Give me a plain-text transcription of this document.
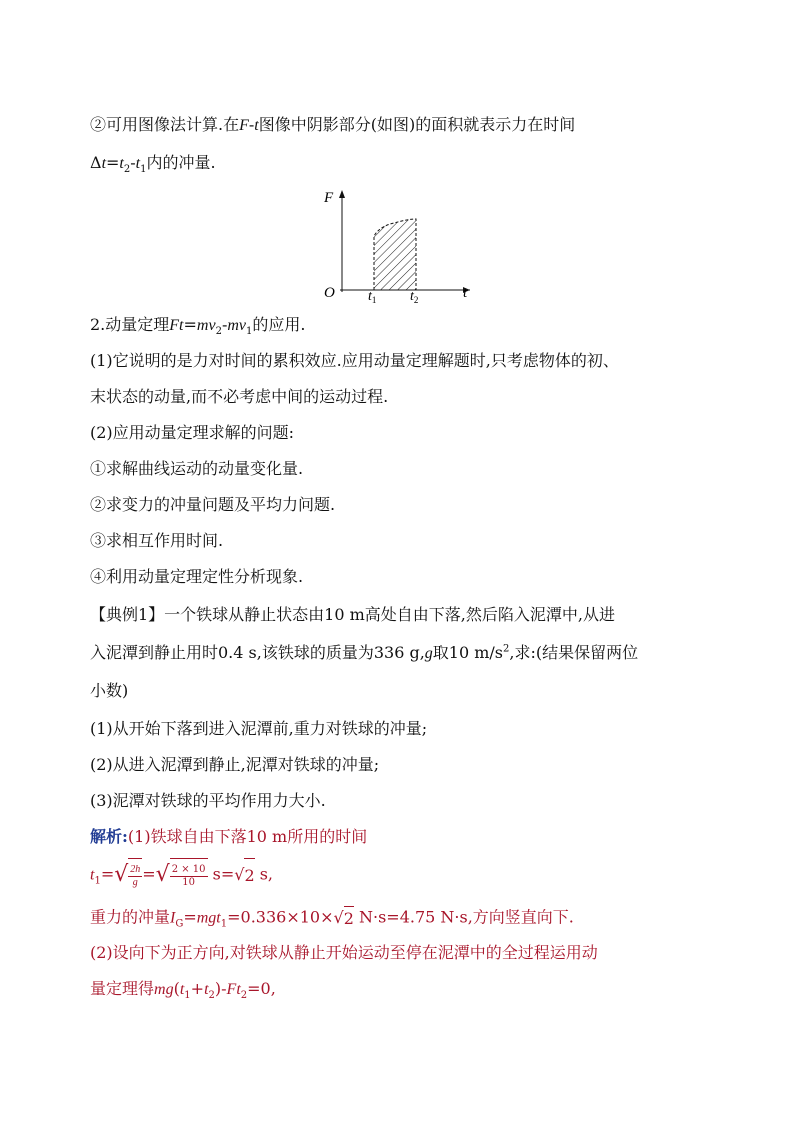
②可用图像法计算.在F-t图像中阴影部分(如图)的面积就表示力在时间
$\Delta t=t_2-t_1$内的冲量.
F
O	t
$t_1$ $t_2$
2.动量定理$Ft=mv_2-mv_1$的应用.
(1)它说明的是力对时间的累积效应.应用动量定理解题时,只考虑物体的初、
末状态的动量,而不必考虑中间的运动过程.
(2)应用动量定理求解的问题:
①求解曲线运动的动量变化量.
②求变力的冲量问题及平均力问题.
③求相互作用时间.
④利用动量定理定性分析现象.
【典例1】一个铁球从静止状态由10 m高处自由下落,然后陷入泥潭中,从进
入泥潭到静止用时0.4 s,该铁球的质量为336 g,g取10 $m/s^2$,求:(结果保留两位
小数)
(1)从开始下落到进入泥潭前,重力对铁球的冲量;
(2)从进入泥潭到静止,泥潭对铁球的冲量;
(3)泥潭对铁球的平均作用力大小.
解析:(1)铁球自由下落10 m所用的时间
$t_1=√ \frac{2h}{g}$ =√ $\frac{2 \times 10}{10} s=√2$ s,
重力的冲量$I_G=mgt_1=0.336\times 10\times√2$ N·s=4.75 N·s,方向竖直向下.
(2)设向下为正方向,对铁球从静止开始运动至停在泥潭中的全过程运用动
量定理得$mg(t_1+t_2)-Ft_2=0$,
